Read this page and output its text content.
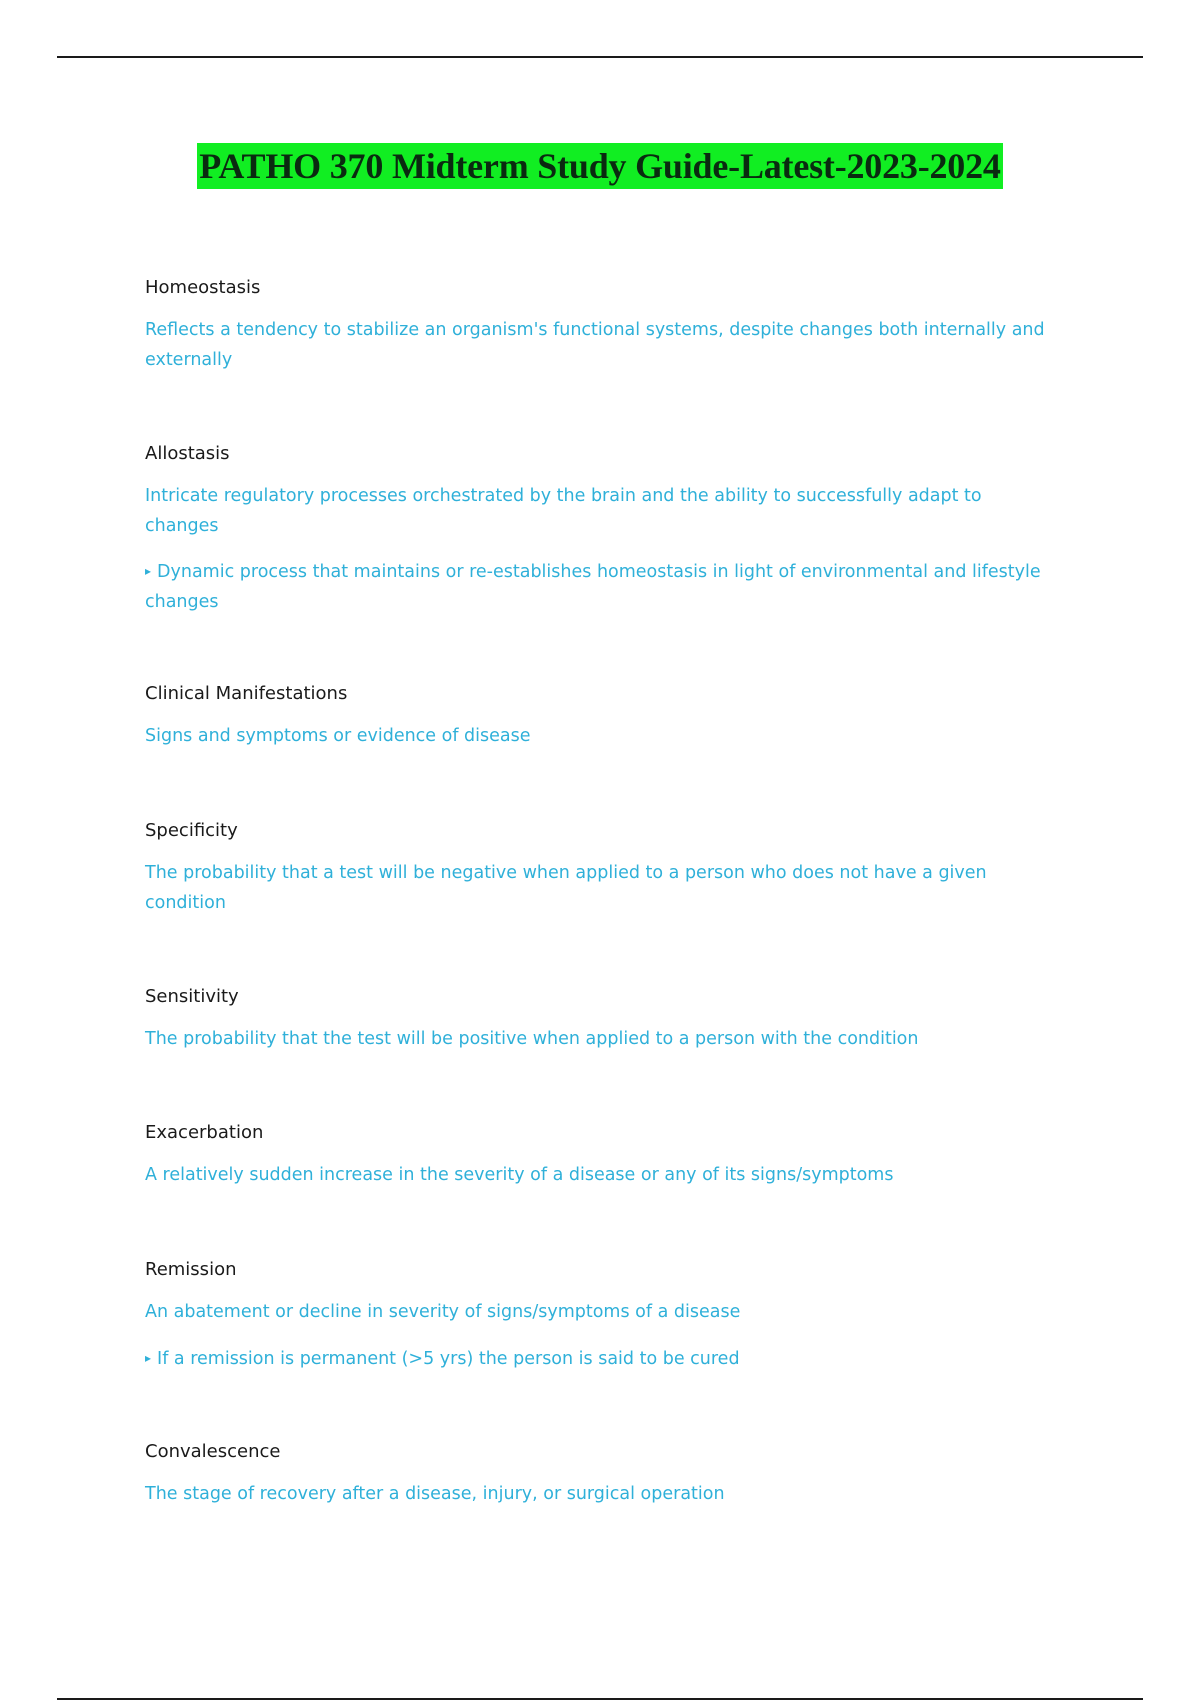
PATHO 370 Midterm Study Guide-Latest-2023-2024

Homeostasis

Reflects a tendency to stabilize an organism's functional systems, despite changes both internally and externally

Allostasis

Intricate regulatory processes orchestrated by the brain and the ability to successfully adapt to changes

▸ Dynamic process that maintains or re-establishes homeostasis in light of environmental and lifestyle changes

Clinical Manifestations

Signs and symptoms or evidence of disease

Specificity

The probability that a test will be negative when applied to a person who does not have a given condition

Sensitivity

The probability that the test will be positive when applied to a person with the condition

Exacerbation

A relatively sudden increase in the severity of a disease or any of its signs/symptoms

Remission

An abatement or decline in severity of signs/symptoms of a disease

▸ If a remission is permanent (>5 yrs) the person is said to be cured

Convalescence

The stage of recovery after a disease, injury, or surgical operation
